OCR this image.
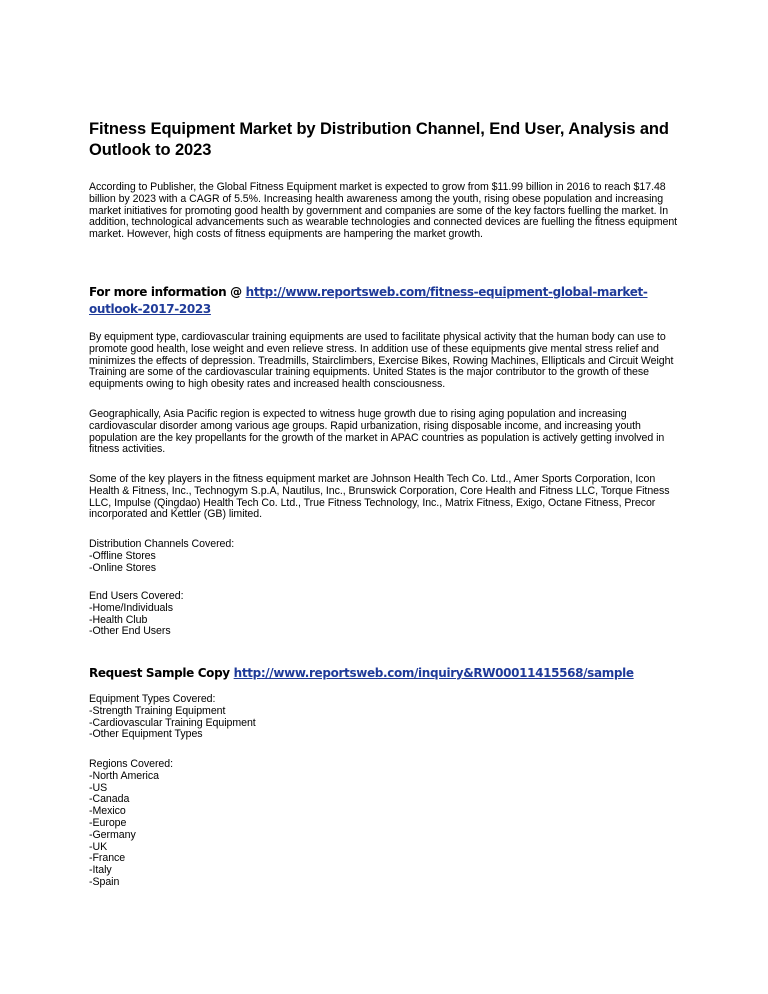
Fitness Equipment Market by Distribution Channel, End User, Analysis and Outlook to 2023

According to Publisher, the Global Fitness Equipment market is expected to grow from $11.99 billion in 2016 to reach $17.48 billion by 2023 with a CAGR of 5.5%. Increasing health awareness among the youth, rising obese population and increasing market initiatives for promoting good health by government and companies are some of the key factors fuelling the market. In addition, technological advancements such as wearable technologies and connected devices are fuelling the fitness equipment market. However, high costs of fitness equipments are hampering the market growth.

For more information @ http://www.reportsweb.com/fitness-equipment-global-market-outlook-2017-2023

By equipment type, cardiovascular training equipments are used to facilitate physical activity that the human body can use to promote good health, lose weight and even relieve stress. In addition use of these equipments give mental stress relief and minimizes the effects of depression. Treadmills, Stairclimbers, Exercise Bikes, Rowing Machines, Ellipticals and Circuit Weight Training are some of the cardiovascular training equipments. United States is the major contributor to the growth of these equipments owing to high obesity rates and increased health consciousness.

Geographically, Asia Pacific region is expected to witness huge growth due to rising aging population and increasing cardiovascular disorder among various age groups. Rapid urbanization, rising disposable income, and increasing youth population are the key propellants for the growth of the market in APAC countries as population is actively getting involved in fitness activities.

Some of the key players in the fitness equipment market are Johnson Health Tech Co. Ltd., Amer Sports Corporation, Icon Health & Fitness, Inc., Technogym S.p.A, Nautilus, Inc., Brunswick Corporation, Core Health and Fitness LLC, Torque Fitness LLC, Impulse (Qingdao) Health Tech Co. Ltd., True Fitness Technology, Inc., Matrix Fitness, Exigo, Octane Fitness, Precor incorporated and Kettler (GB) limited.

Distribution Channels Covered:
-Offline Stores
-Online Stores
End Users Covered:
-Home/Individuals
-Health Club
-Other End Users

Request Sample Copy http://www.reportsweb.com/inquiry&RW00011415568/sample

Equipment Types Covered:
-Strength Training Equipment
-Cardiovascular Training Equipment
-Other Equipment Types
Regions Covered:
-North America
-US
-Canada
-Mexico
-Europe
-Germany
-UK
-France
-Italy
-Spain
